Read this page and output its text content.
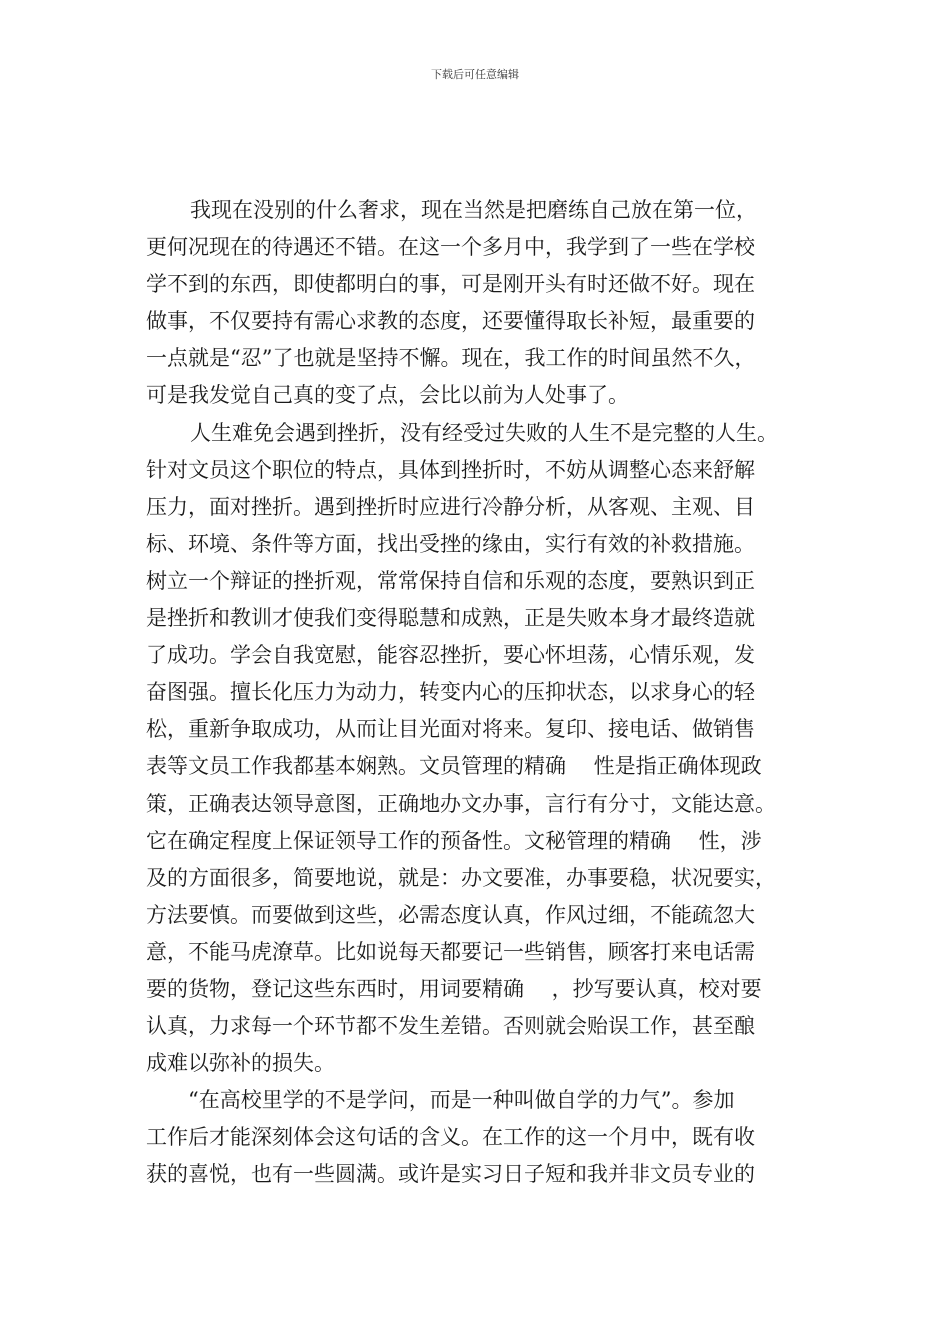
下载后可任意编辑
我现在没别的什么奢求，现在当然是把磨练自己放在第一位，
更何况现在的待遇还不错。在这一个多月中，我学到了一些在学校
学不到的东西，即使都明白的事，可是刚开头有时还做不好。现在
做事，不仅要持有需心求教的态度，还要懂得取长补短，最重要的
一点就是“忍”了也就是坚持不懈。现在，我工作的时间虽然不久，
可是我发觉自己真的变了点，会比以前为人处事了。
人生难免会遇到挫折，没有经受过失败的人生不是完整的人生。
针对文员这个职位的特点，具体到挫折时，不妨从调整心态来舒解
压力，面对挫折。遇到挫折时应进行冷静分析，从客观、主观、目
标、环境、条件等方面，找出受挫的缘由，实行有效的补救措施。
树立一个辩证的挫折观，常常保持自信和乐观的态度，要熟识到正
是挫折和教训才使我们变得聪慧和成熟，正是失败本身才最终造就
了成功。学会自我宽慰，能容忍挫折，要心怀坦荡，心情乐观，发
奋图强。擅长化压力为动力，转变内心的压抑状态，以求身心的轻
松，重新争取成功，从而让目光面对将来。复印、接电话、做销售
表等文员工作我都基本娴熟。文员管理的精确　 性是指正确体现政
策，正确表达领导意图，正确地办文办事，言行有分寸，文能达意。
它在确定程度上保证领导工作的预备性。文秘管理的精确　 性，涉
及的方面很多，简要地说，就是：办文要准，办事要稳，状况要实，
方法要慎。而要做到这些，必需态度认真，作风过细，不能疏忽大
意，不能马虎潦草。比如说每天都要记一些销售，顾客打来电话需
要的货物，登记这些东西时，用词要精确　 ，抄写要认真，校对要
认真，力求每一个环节都不发生差错。否则就会贻误工作，甚至酿
成难以弥补的损失。
“在高校里学的不是学问，而是一种叫做自学的力气”。参加
工作后才能深刻体会这句话的含义。在工作的这一个月中，既有收
获的喜悦，也有一些圆满。或许是实习日子短和我并非文员专业的
